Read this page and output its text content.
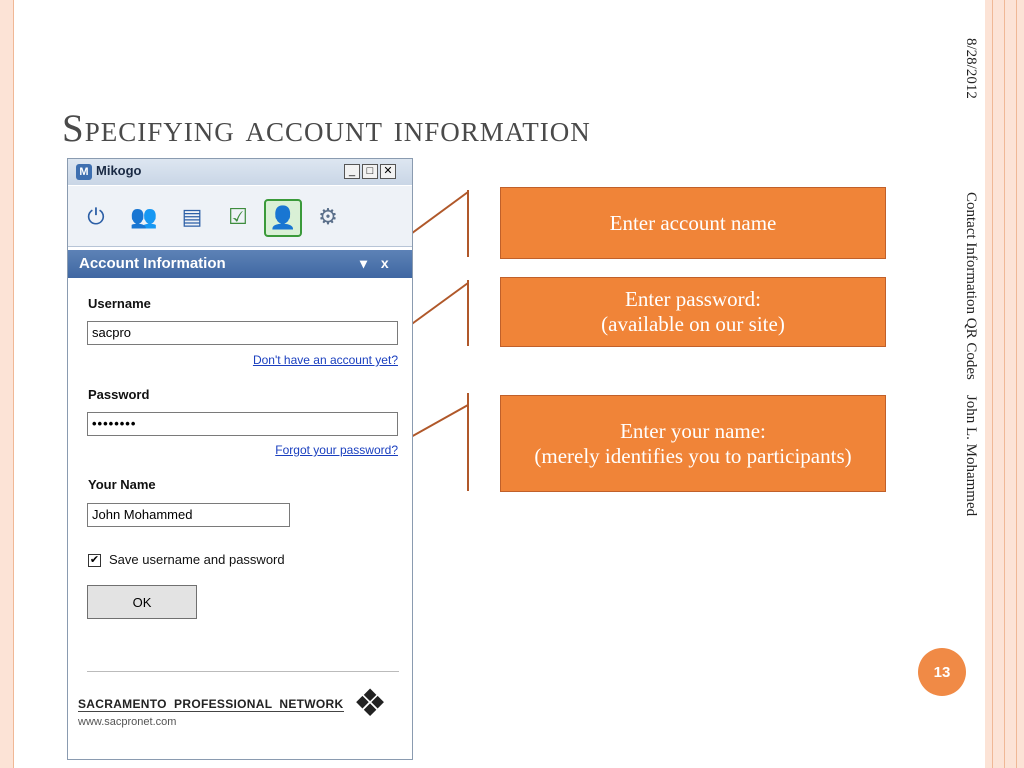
Specifying account information
8/28/2012
Contact Information QR Codes    John L. Mohammed
13
Enter account name
Enter password:
(available on our site)
Enter your name:
(merely identifies you to participants)
M Mikogo	_	□ ✕
⏻	👥	▤	☑ 👤 ⚙
Account Information	▾ x
Username
sacpro
Don't have an account yet?
Password
••••••••
Forgot your password?
Your Name
John Mohammed
✔ Save username and password
OK
SACRAMENTO  PROFESSIONAL  NETWORK
www.sacpronet.com	❖
